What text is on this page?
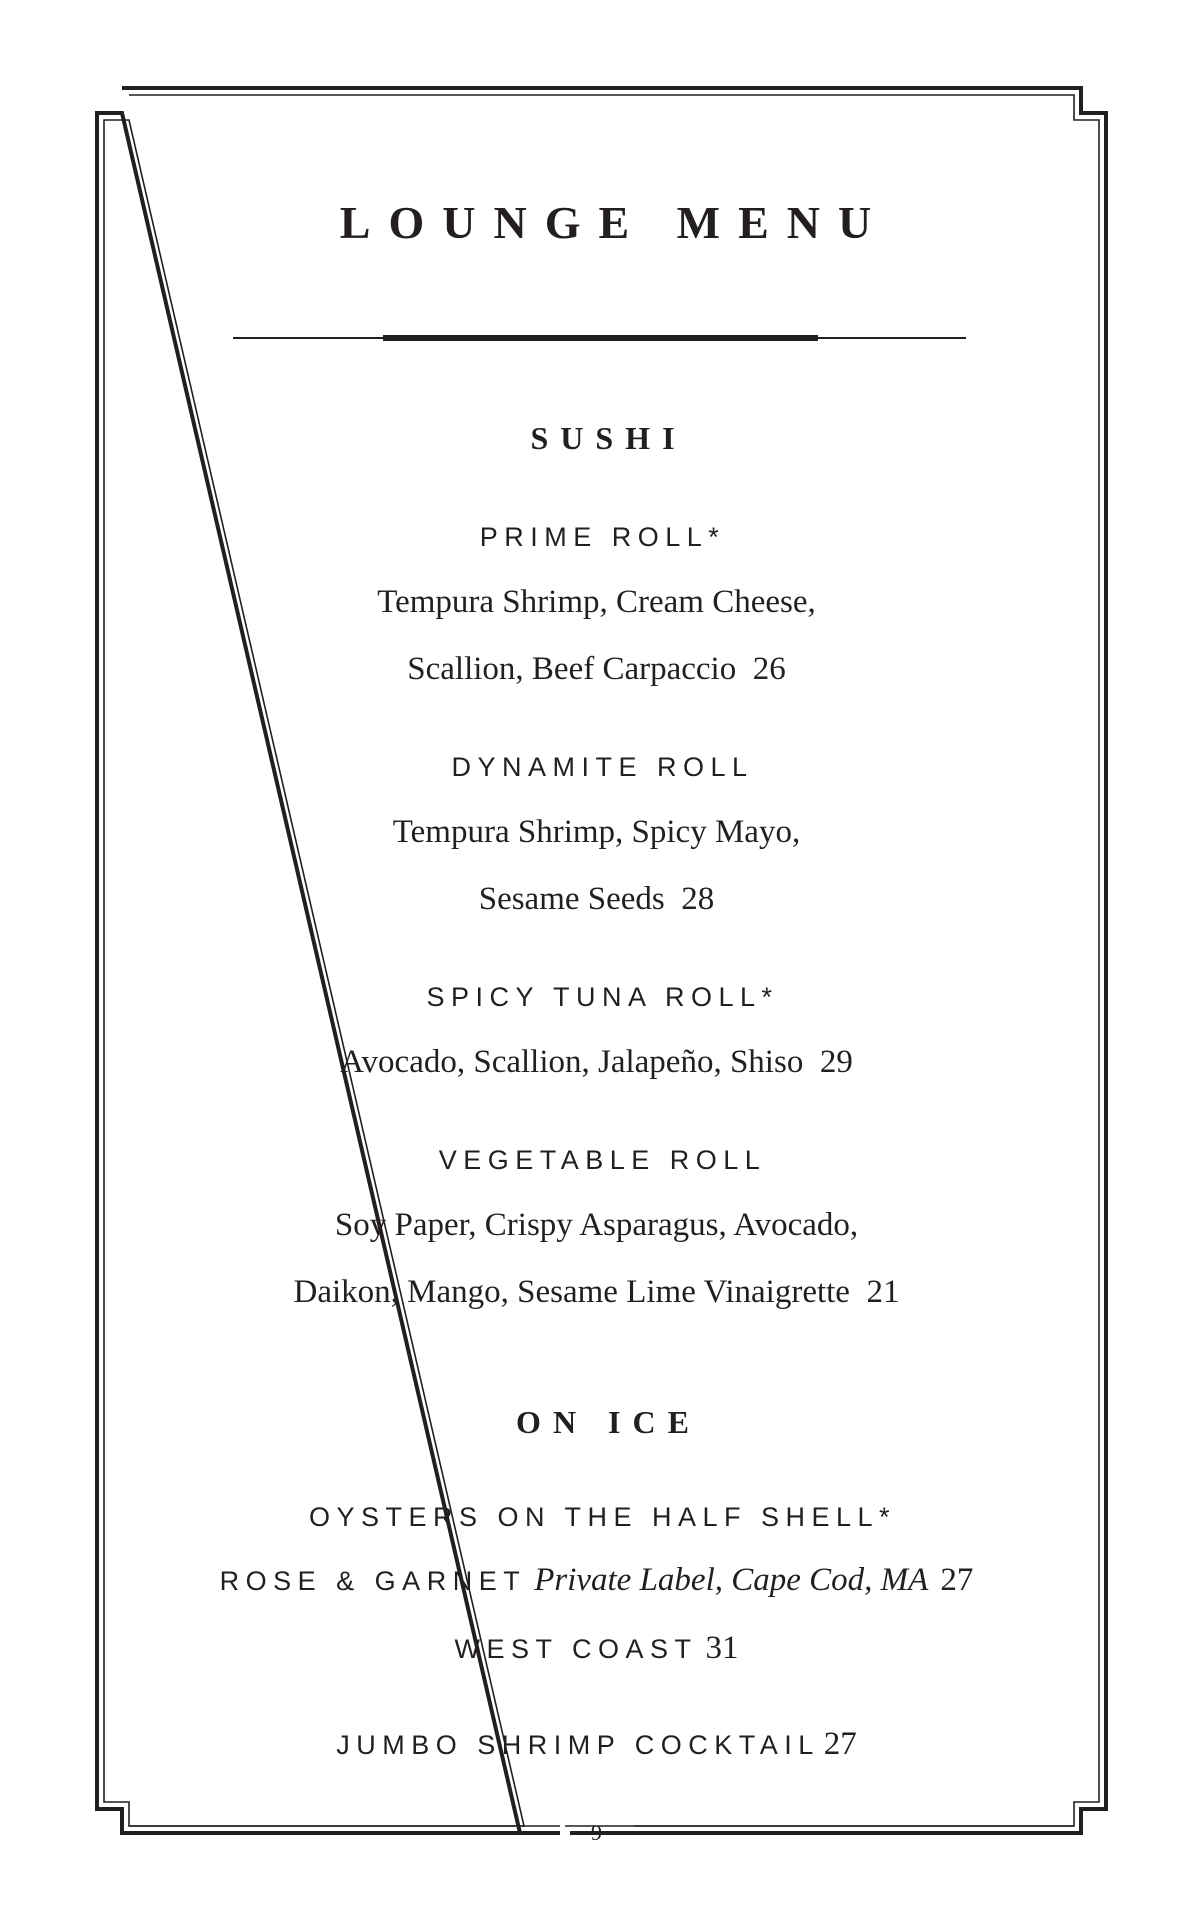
LOUNGE MENU
SUSHI
PRIME ROLL*
Tempura Shrimp, Cream Cheese,
Scallion, Beef Carpaccio 26
DYNAMITE ROLL
Tempura Shrimp, Spicy Mayo,
Sesame Seeds 28
SPICY TUNA ROLL*
Avocado, Scallion, Jalapeño, Shiso 29
VEGETABLE ROLL
Soy Paper, Crispy Asparagus, Avocado,
Daikon, Mango, Sesame Lime Vinaigrette 21
ON ICE
OYSTERS ON THE HALF SHELL*
ROSE & GARNET Private Label, Cape Cod, MA 27
WEST COAST 31
JUMBO SHRIMP COCKTAIL 27
9
